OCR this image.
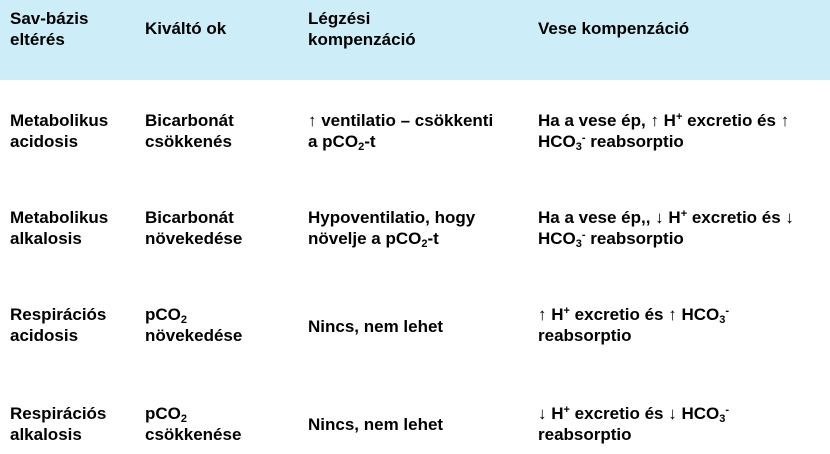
Sav-bázis
eltérés
Kiváltó ok
Légzési
kompenzáció
Vese kompenzáció
Metabolikus
acidosis
Bicarbonát
csökkenés
↑ ventilatio – csökkenti
a pCO$_2$-t
Ha a vese ép, ↑ H+ excretio és ↑
$HCO_3^-$ reabsorptio
Metabolikus
alkalosis
Bicarbonát
növekedése
Hypoventilatio, hogy
növelje a pCO$_2$-t
Ha a vese ép,, ↓ H+ excretio és ↓
$HCO_3^-$ reabsorptio
Respirációs
acidosis
pCO$_2$
növekedése	Nincs, nem lehet
↑ H+ excretio és ↑ $HCO_3^-$
reabsorptio
Respirációs
alkalosis
pCO$_2$
csökkenése
Nincs, nem lehet
↓ H+ excretio és ↓ $HCO_3^-$
reabsorptio
